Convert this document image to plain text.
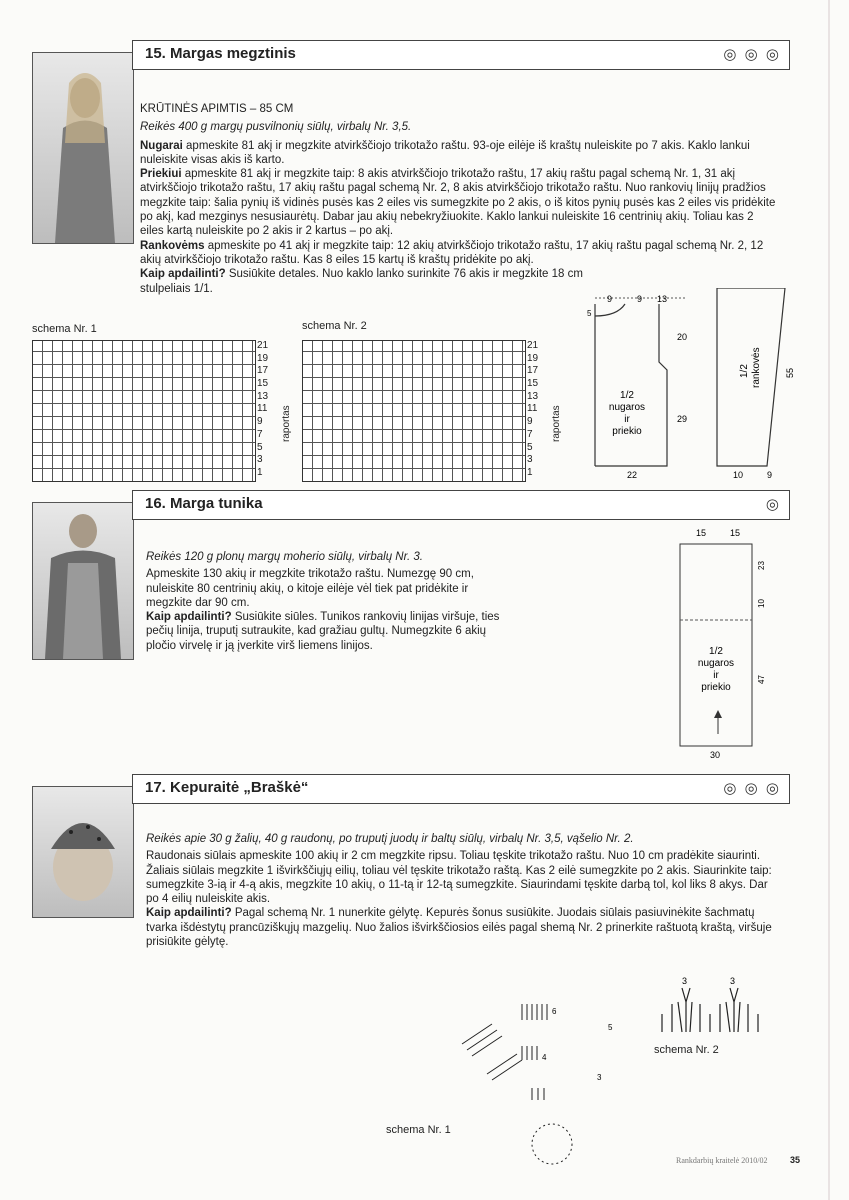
15. Margas megztinis	◎ ◎ ◎

KRŪTINĖS APIMTIS – 85 CM

Reikės 400 g margų pusvilnonių siūlų, virbalų Nr. 3,5.

Nugarai apmeskite 81 akį ir megzkite atvirkščiojo trikotažo raštu. 93-oje eilėje iš kraštų nuleiskite po 7 akis. Kaklo lankui nuleiskite visas akis iš karto.

Priekiui apmeskite 81 akį ir megzkite taip: 8 akis atvirkščiojo trikotažo raštu, 17 akių raštu pagal schemą Nr. 1, 31 akį atvirkščiojo trikotažo raštu, 17 akių raštu pagal schemą Nr. 2, 8 akis atvirkščiojo trikotažo raštu. Nuo rankovių linijų pradžios megzkite taip: šalia pynių iš vidinės pusės kas 2 eiles vis sumegzkite po 2 akis, o iš kitos pynių pusės kas 2 eiles vis pridėkite po akį, kad mezginys nesusiaurėtų. Dabar jau akių nebekryžiuokite. Kaklo lankui nuleiskite 16 centrinių akių. Toliau kas 2 eiles kartą nuleiskite po 2 akis ir 2 kartus – po akį.

Rankovėms apmeskite po 41 akį ir megzkite taip: 12 akių atvirkščiojo trikotažo raštu, 17 akių raštu pagal schemą Nr. 2, 12 akių atvirkščiojo trikotažo raštu. Kas 8 eiles 15 kartų iš kraštų pridėkite po akį.

Kaip apdailinti? Susiūkite detales. Nuo kaklo lanko surinkite 76 akis ir megzkite 18 cm stulpeliais 1/1.

schema Nr. 1
21
19
17
15
13
11
9
7
5
3
1
raportas
schema Nr. 2
21
19
17
15
13
11
9
7
5
3
1
raportas
9	9 13
5
20
29
22
1/2
nugaros
ir
priekio
1/2 rankovės	55
10	9
16. Marga tunika	◎

Reikės 120 g plonų margų moherio siūlų, virbalų Nr. 3.

Apmeskite 130 akių ir megzkite trikotažo raštu. Numezgę 90 cm, nuleiskite 80 centrinių akių, o kitoje eilėje vėl tiek pat pridėkite ir megzkite dar 90 cm.

Kaip apdailinti? Susiūkite siūles. Tunikos rankovių linijas viršuje, ties pečių linija, truputį sutraukite, kad gražiau gultų. Numegzkite 6 akių pločio virvelę ir ją įverkite virš liemens linijos.

15	15
23
10
47
30
1/2
nugaros
ir
priekio
17. Kepuraitė „Braškė“	◎ ◎ ◎

Reikės apie 30 g žalių, 40 g raudonų, po truputį juodų ir baltų siūlų, virbalų Nr. 3,5, vąšelio Nr. 2.

Raudonais siūlais apmeskite 100 akių ir 2 cm megzkite ripsu. Toliau tęskite trikotažo raštu. Nuo 10 cm pradėkite siaurinti. Žaliais siūlais megzkite 1 išvirkščiųjų eilių, toliau vėl tęskite trikotažo raštą. Kas 2 eilė sumegzkite po 2 akis. Siaurinkite taip: sumegzkite 3-ią ir 4-ą akis, megzkite 10 akių, o 11-tą ir 12-tą sumegzkite. Siaurindami tęskite darbą tol, kol liks 8 akys. Dar po 4 eilių nuleiskite akis.

Kaip apdailinti? Pagal schemą Nr. 1 nunerkite gėlytę. Kepurės šonus susiūkite. Juodais siūlais pasiuvinėkite šachmatų tvarka išdėstytų prancūziškųjų mazgelių. Nuo žalios išvirkščiosios eilės pagal shemą Nr. 2 prinerkite raštuotą kraštą, viršuje prisiūkite gėlytę.

6
5
4
3
schema Nr. 1
3	3
schema Nr. 2
Rankdarbių kraitelė 2010/02 35
